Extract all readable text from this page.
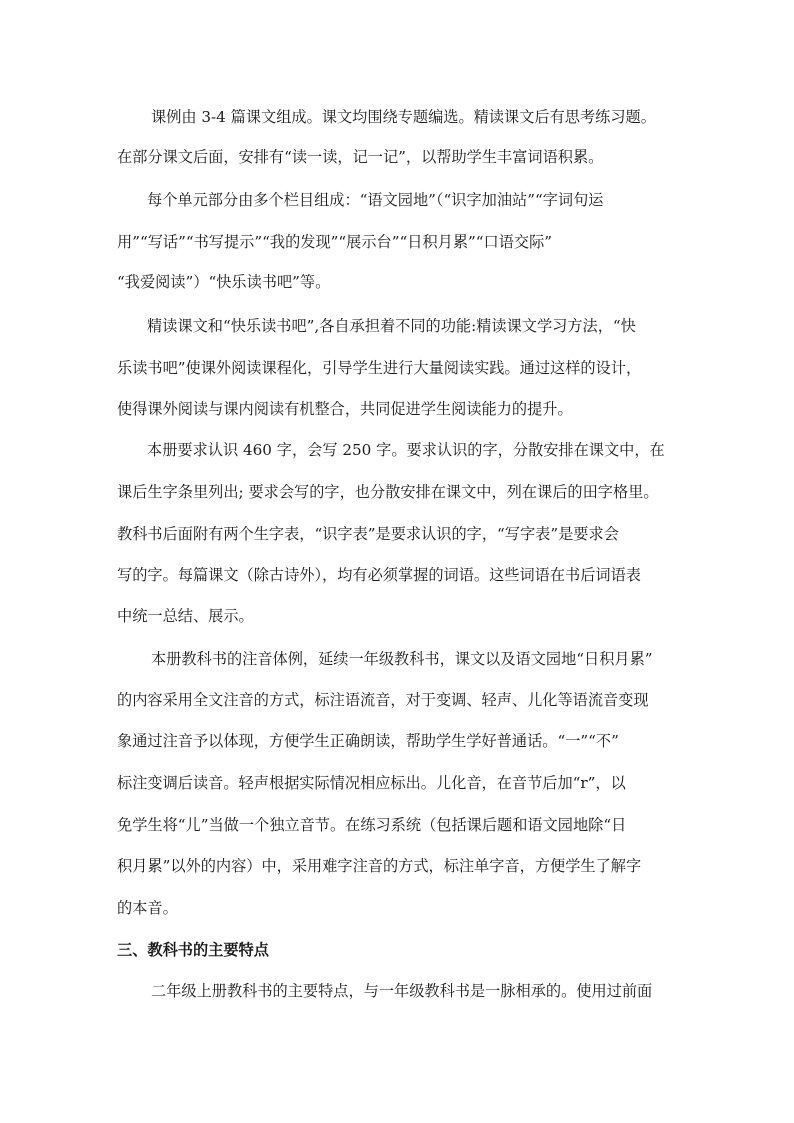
课例由 3-4 篇课文组成。课文均围绕专题编选。精读课文后有思考练习题。
在部分课文后面，安排有“读一读，记一记”，以帮助学生丰富词语积累。
每个单元部分由多个栏目组成：“语文园地”（“识字加油站”“字词句运
用”“写话”“书写提示”“我的发现”“展示台”“日积月累”“口语交际”
“我爱阅读”）“快乐读书吧”等。
精读课文和“快乐读书吧”,各自承担着不同的功能:精读课文学习方法，“快
乐读书吧”使课外阅读课程化，引导学生进行大量阅读实践。通过这样的设计，
使得课外阅读与课内阅读有机整合，共同促进学生阅读能力的提升。
本册要求认识 460 字，会写 250 字。要求认识的字，分散安排在课文中，在
课后生字条里列出; 要求会写的字，也分散安排在课文中，列在课后的田字格里。
教科书后面附有两个生字表，“识字表”是要求认识的字，“写字表”是要求会
写的字。每篇课文（除古诗外），均有必须掌握的词语。这些词语在书后词语表
中统一总结、展示。
本册教科书的注音体例，延续一年级教科书，课文以及语文园地“日积月累”
的内容采用全文注音的方式，标注语流音，对于变调、轻声、儿化等语流音变现
象通过注音予以体现，方便学生正确朗读，帮助学生学好普通话。“一”“不”
标注变调后读音。轻声根据实际情况相应标出。儿化音，在音节后加“r”，以
免学生将“儿”当做一个独立音节。在练习系统（包括课后题和语文园地除“日
积月累”以外的内容）中，采用难字注音的方式，标注单字音，方便学生了解字
的本音。
三、教科书的主要特点
二年级上册教科书的主要特点，与一年级教科书是一脉相承的。使用过前面
